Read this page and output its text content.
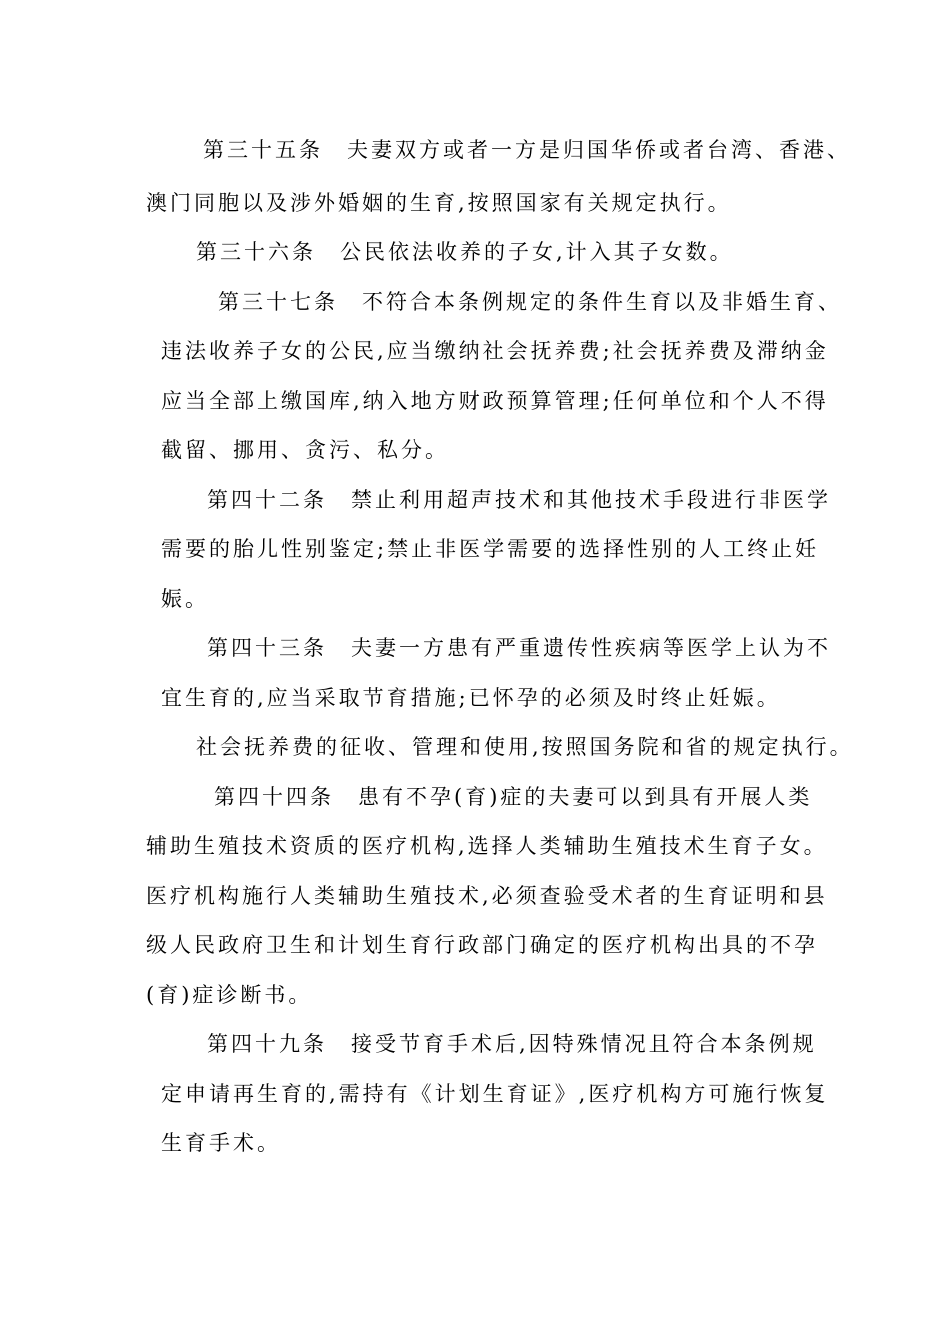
第三十五条　夫妻双方或者一方是归国华侨或者台湾、香港、
澳门同胞以及涉外婚姻的生育,按照国家有关规定执行。
第三十六条　公民依法收养的子女,计入其子女数。
第三十七条　不符合本条例规定的条件生育以及非婚生育、
违法收养子女的公民,应当缴纳社会抚养费;社会抚养费及滞纳金
应当全部上缴国库,纳入地方财政预算管理;任何单位和个人不得
截留、挪用、贪污、私分。
第四十二条　禁止利用超声技术和其他技术手段进行非医学
需要的胎儿性别鉴定;禁止非医学需要的选择性别的人工终止妊
娠。
第四十三条　夫妻一方患有严重遗传性疾病等医学上认为不
宜生育的,应当采取节育措施;已怀孕的必须及时终止妊娠。
社会抚养费的征收、管理和使用,按照国务院和省的规定执行。
第四十四条　患有不孕(育)症的夫妻可以到具有开展人类
辅助生殖技术资质的医疗机构,选择人类辅助生殖技术生育子女。
医疗机构施行人类辅助生殖技术,必须查验受术者的生育证明和县
级人民政府卫生和计划生育行政部门确定的医疗机构出具的不孕
(育)症诊断书。
第四十九条　接受节育手术后,因特殊情况且符合本条例规
定申请再生育的,需持有《计划生育证》,医疗机构方可施行恢复
生育手术。
